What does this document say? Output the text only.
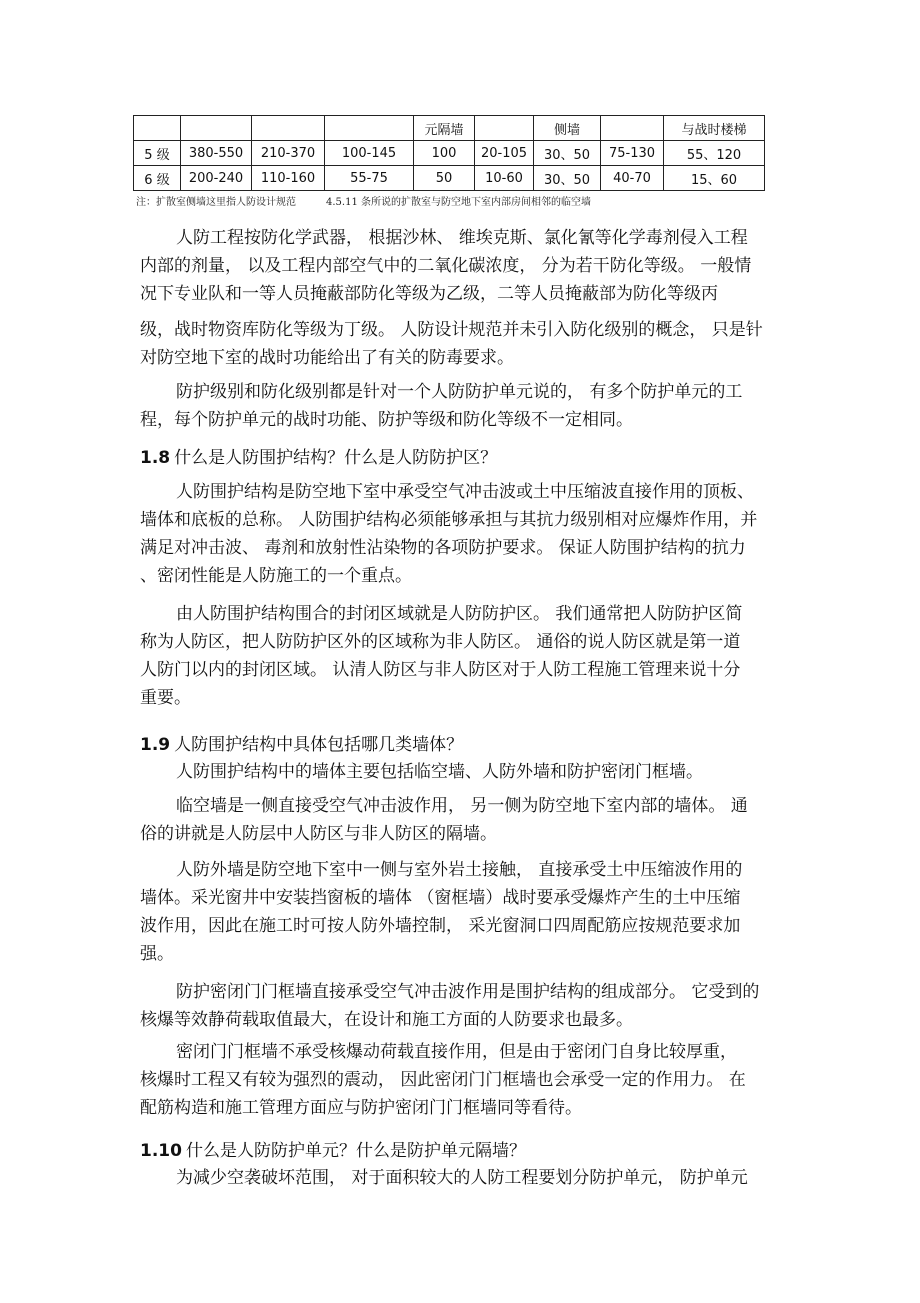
				元隔墙		侧墙		与战时楼梯
5 级	380-550	210-370	100-145	100	20-105	30、50	75-130	55、120
6 级	200-240	110-160	55-75	50	10-60	30、50	40-70	15、60
注：扩散室侧墙这里指人防设计规范	4.5.11 条所说的扩散室与防空地下室内部房间相邻的临空墙
人防工程按防化学武器， 根据沙林、 维埃克斯、氯化氰等化学毒剂侵入工程
内部的剂量， 以及工程内部空气中的二氧化碳浓度， 分为若干防化等级。 一般情
况下专业队和一等人员掩蔽部防化等级为乙级，二等人员掩蔽部为防化等级丙
级，战时物资库防化等级为丁级。 人防设计规范并未引入防化级别的概念， 只是针
对防空地下室的战时功能给出了有关的防毒要求。
防护级别和防化级别都是针对一个人防防护单元说的， 有多个防护单元的工
程，每个防护单元的战时功能、防护等级和防化等级不一定相同。
1.8 什么是人防围护结构？什么是人防防护区？
人防围护结构是防空地下室中承受空气冲击波或土中压缩波直接作用的顶板、
墙体和底板的总称。 人防围护结构必须能够承担与其抗力级别相对应爆炸作用，并
满足对冲击波、 毒剂和放射性沾染物的各项防护要求。 保证人防围护结构的抗力
、密闭性能是人防施工的一个重点。
由人防围护结构围合的封闭区域就是人防防护区。 我们通常把人防防护区简
称为人防区，把人防防护区外的区域称为非人防区。 通俗的说人防区就是第一道
人防门以内的封闭区域。 认清人防区与非人防区对于人防工程施工管理来说十分
重要。
1.9 人防围护结构中具体包括哪几类墙体？
人防围护结构中的墙体主要包括临空墙、人防外墙和防护密闭门框墙。
临空墙是一侧直接受空气冲击波作用， 另一侧为防空地下室内部的墙体。 通
俗的讲就是人防层中人防区与非人防区的隔墙。
人防外墙是防空地下室中一侧与室外岩土接触， 直接承受土中压缩波作用的
墙体。采光窗井中安装挡窗板的墙体 （窗框墙）战时要承受爆炸产生的土中压缩
波作用，因此在施工时可按人防外墙控制， 采光窗洞口四周配筋应按规范要求加
强。
防护密闭门门框墙直接承受空气冲击波作用是围护结构的组成部分。 它受到的
核爆等效静荷载取值最大，在设计和施工方面的人防要求也最多。
密闭门门框墙不承受核爆动荷载直接作用，但是由于密闭门自身比较厚重，
核爆时工程又有较为强烈的震动， 因此密闭门门框墙也会承受一定的作用力。 在
配筋构造和施工管理方面应与防护密闭门门框墙同等看待。
1.10 什么是人防防护单元？什么是防护单元隔墙？
为减少空袭破坏范围， 对于面积较大的人防工程要划分防护单元， 防护单元
